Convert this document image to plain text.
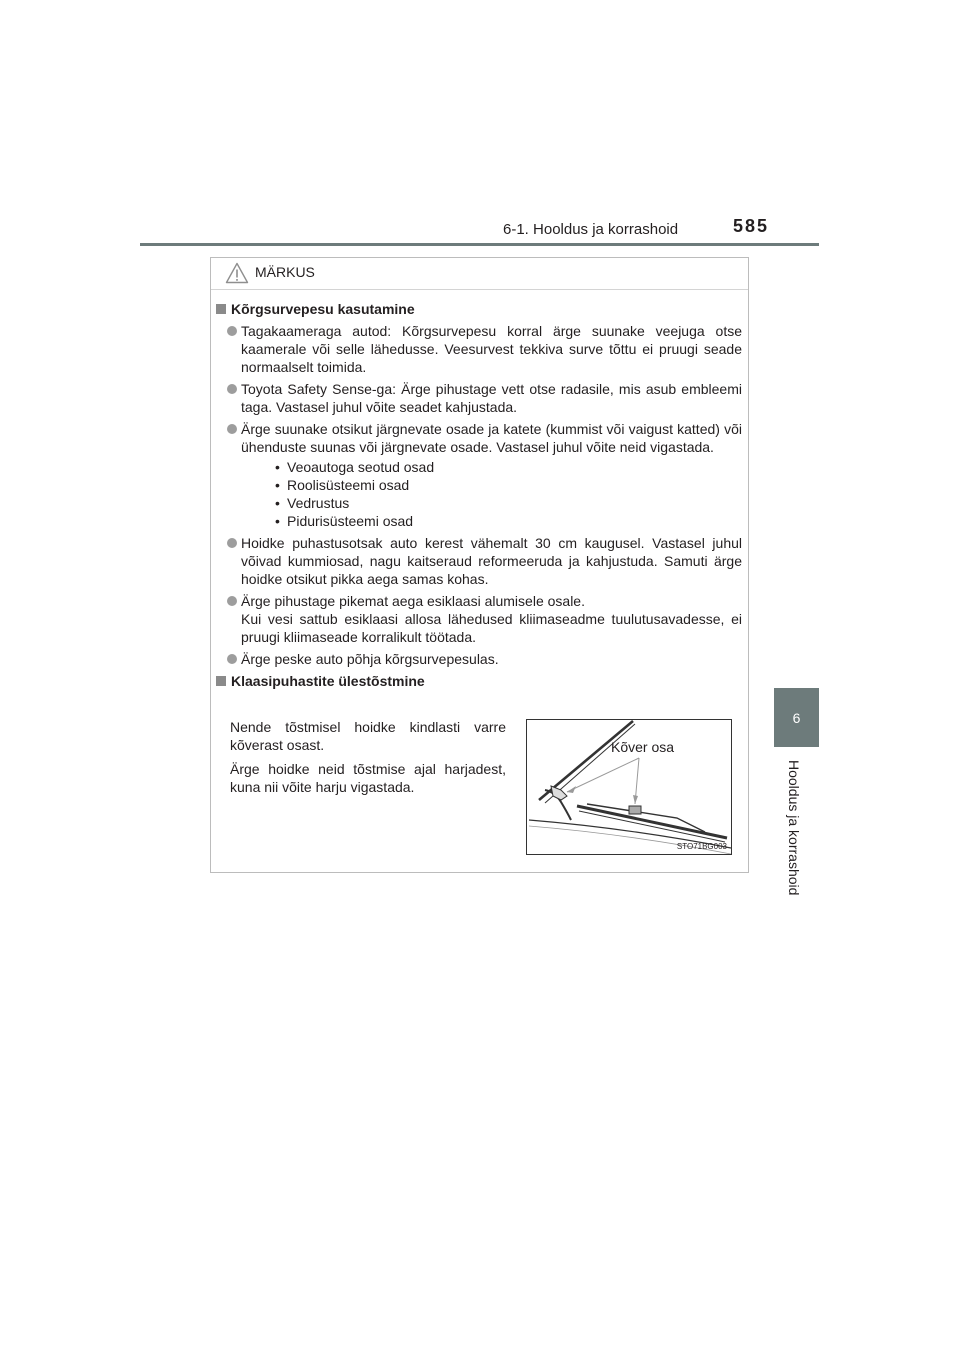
6-1. Hooldus ja korrashoid	585
6
Hooldus ja korrashoid
MÄRKUS
Kõrgsurvepesu kasutamine
Tagakaameraga autod: Kõrgsurvepesu korral ärge suunake veejuga otse kaamerale või selle lähedusse. Veesurvest tekkiva surve tõttu ei pruugi seade normaalselt toimida.
Toyota Safety Sense-ga: Ärge pihustage vett otse radasile, mis asub embleemi taga. Vastasel juhul võite seadet kahjustada.
Ärge suunake otsikut järgnevate osade ja katete (kummist või vaigust katted) või ühenduste suunas või järgnevate osade. Vastasel juhul võite neid vigastada.
• Veoautoga seotud osad
• Roolisüsteemi osad
• Vedrustus
• Pidurisüsteemi osad
Hoidke puhastusotsak auto kerest vähemalt 30 cm kaugusel. Vastasel juhul võivad kummiosad, nagu kaitseraud reformeeruda ja kahjustuda. Samuti ärge hoidke otsikut pikka aega samas kohas.
Ärge pihustage pikemat aega esiklaasi alumisele osale.
Kui vesi sattub esiklaasi allosa lähedused kliimaseadme tuulutusavadesse, ei pruugi kliimaseade korralikult töötada.
Ärge peske auto põhja kõrgsurvepesulas.
Klaasipuhastite ülestõstmine

Nende tõstmisel hoidke kindlasti varre kõverast osast.

Ärge hoidke neid tõstmise ajal harjadest, kuna nii võite harju vigastada.

Kõver osa
STO71BG003
